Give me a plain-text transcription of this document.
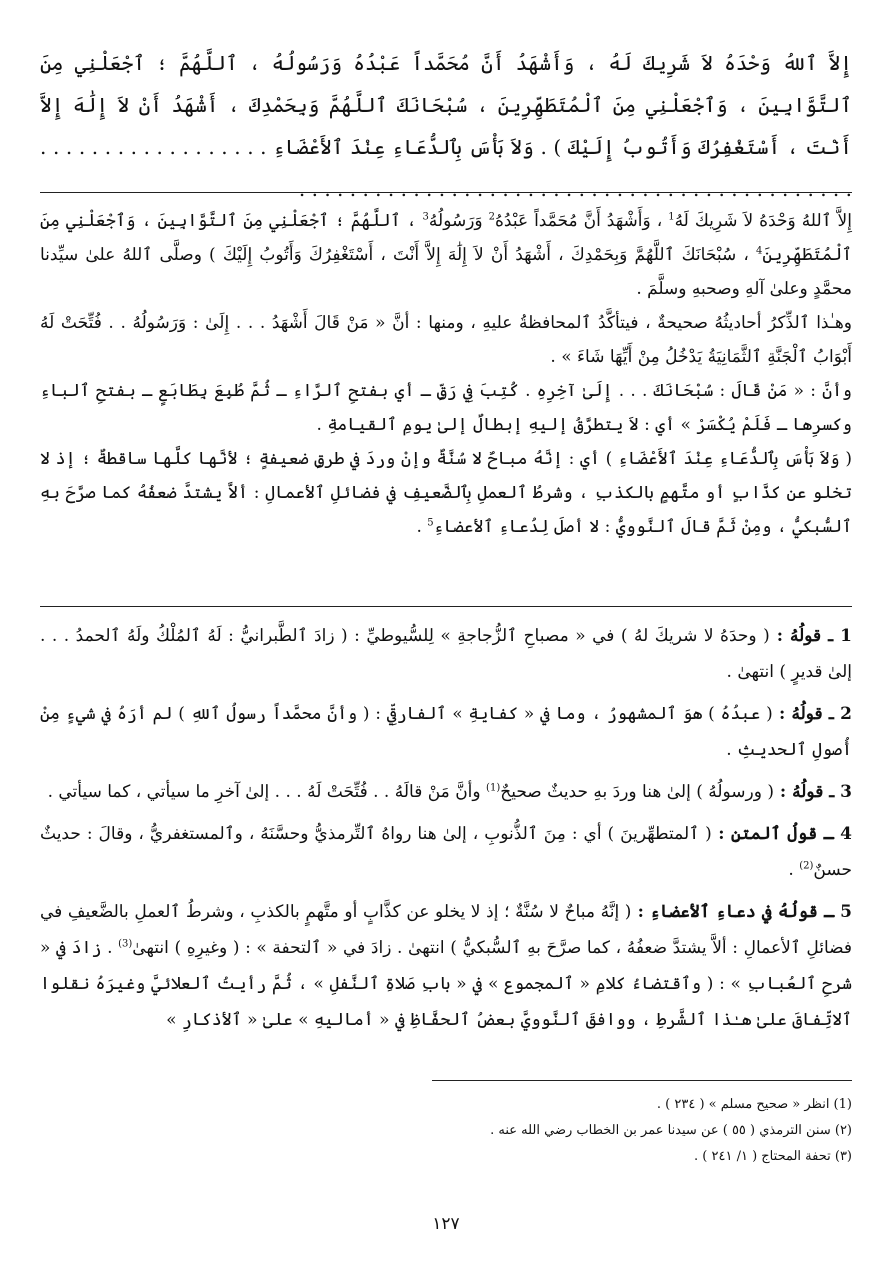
إِلاَّ ٱللهُ وَحْدَهُ لاَ شَرِيكَ لَهُ ، وَأَشْهَدُ أَنَّ مُحَمَّداً عَبْدُهُ وَرَسُولُهُ ، ٱللَّهُمَّ ؛ ٱجْعَلْنِي مِنَ ٱلتَّوَّابِينَ ، وَٱجْعَلْنِي مِنَ ٱلْمُتَطَهِّرِينَ ، سُبْحَانَكَ ٱللَّهُمَّ وَبِحَمْدِكَ ، أَشْهَدُ أَنْ لاَ إِلَٰهَ إِلاَّ أَنْتَ ، أَسْتَغْفِرُكَ وَأَتُوبُ إِلَيْكَ ) . وَلاَ بَأْسَ بِٱلدُّعَاءِ عِنْدَ ٱلأَعْضَاءِ . . . . . . . . . . . . . . . . . . . . . . . . . . . . . . . . . . . . . . . . . . . . . . . . . . . . . . . . . . . . . .

إِلاَّ ٱللهُ وَحْدَهُ لاَ شَرِيكَ لَهُ$^1$ ، وَأَشْهَدُ أَنَّ مُحَمَّداً عَبْدُهُ$^2$ وَرَسُولُهُ$^3$ ، ٱللَّهُمَّ ؛ ٱجْعَلْنِي مِنَ ٱلتَّوَّابِينَ ، وَٱجْعَلْنِي مِنَ ٱلْمُتَطَهِّرِينَ$^4$ ، سُبْحَانَكَ ٱللَّهُمَّ وَبِحَمْدِكَ ، أَشْهَدُ أَنْ لاَ إِلَٰهَ إِلاَّ أَنْتَ ، أَسْتَغْفِرُكَ وَأَتُوبُ إِلَيْكَ ) وصلَّى ٱللهُ علىٰ سيِّدنا محمَّدٍ وعلىٰ آلهِ وصحبهِ وسلَّمَ .

وهـٰذا ٱلذِّكرُ أحاديثُهُ صحيحةٌ ، فيتأكَّدُ ٱلمحافظةُ عليهِ ، ومنها : أنَّ « مَنْ قَالَ أَشْهَدُ . . . إِلَىٰ : وَرَسُولُهُ . . فُتِّحَتْ لَهُ أَبْوَابُ ٱلْجَنَّةِ ٱلثَّمَانِيَةُ يَدْخُلُ مِنْ أَيِّهَا شَاءَ » .

وأنَّ : « مَنْ قَالَ : سُبْحَانَكَ . . . إِلَىٰ آخِرِهِ . كُتِبَ فِي رَقٍّ ـ أي بفتحِ ٱلرَّاءِ ـ ثُمَّ طُبِعَ بِطَابَعٍ ـ بفتحِ ٱلباءِ وكسرِها ـ فَلَمْ يُكْسَرْ » أي : لاَ يتطرَّقُ إليهِ إبطالٌ إلىٰ يومِ ٱلقيامةِ .

( وَلاَ بَأْسَ بِٱلدُّعَاءِ عِنْدَ ٱلأَعْضَاءِ ) أي : إنَّهُ مباحٌ لا سُنَّةٌ وإنْ وردَ في طرقٍ ضعيفةٍ ؛ لأنَّها كلَّها ساقطةٌ ؛ إذ لا تخلو عن كذَّابٍ أو متَّهمٍ بالكذبِ ، وشرطُ ٱلعملِ بِٱلضَّعيفِ في فضائلِ ٱلأعمالِ : ألاَّ يشتدَّ ضعفُهُ كما صرَّحَ بهِ ٱلسُّبكيُّ ، ومِنْ ثَمَّ قالَ ٱلنَّوويُّ : لا أصلَ لِدُعاءِ ٱلأعضاءِ$^5$ .

1 ـ قولُهُ : ( وحدَهُ لا شريكَ لهُ ) في « مصباحِ ٱلزُّجاجةِ » لِلسُّيوطيِّ : ( زادَ ٱلطَّبرانيُّ : لَهُ ٱلمُلْكُ ولَهُ ٱلحمدُ . . . إلىٰ قديرٍ ) انتهىٰ .

2 ـ قولُهُ : ( عبدُهُ ) هوَ ٱلمشهورُ ، وما في « كفايةِ » ٱلفارقيِّ : ( وأنَّ محمَّداً رسولُ ٱللهِ ) لم أرَهُ في شيءٍ مِنْ أُصولِ ٱلحديثِ .

3 ـ قولُهُ : ( ورسولُهُ ) إلىٰ هنا وردَ بهِ حديثٌ صحيحٌ$^{(1)}$ وأنَّ مَنْ قالَهُ . . فُتِّحَتْ لَهُ . . . إلىٰ آخرِ ما سيأتي ، كما سيأتي .

4 ـ قولُ ٱلمتنِ : ( ٱلمتطهِّرينَ ) أي : مِنَ ٱلذُّنوبِ ، إلىٰ هنا رواهُ ٱلتِّرمذيُّ وحسَّنَهُ ، وٱلمستغفريُّ ، وقالَ : حديثٌ حسنٌ$^{(2)}$ .

5 ـ قولُهُ في دعاءِ ٱلأعضاءِ : ( إنَّهُ مباحٌ لا سُنَّةٌ ؛ إذ لا يخلو عن كذَّابٍ أو متَّهمٍ بالكذبِ ، وشرطُ ٱلعملِ بالضَّعيفِ في فضائلِ ٱلأعمالِ : ألاَّ يشتدَّ ضعفُهُ ، كما صرَّحَ بهِ ٱلسُّبكيُّ ) انتهىٰ . زادَ في « ٱلتحفة » : ( وغيرِهِ ) انتهىٰ$^{(3)}$ . زادَ في « شرحِ ٱلعُبابِ » : ( وٱقتضاءُ كلامِ « ٱلمجموع » في « بابِ صَلاةِ ٱلنَّفلِ » ، ثُمَّ رأيتُ ٱلعلائيَّ وغيرَهُ نقلوا ٱلاتِّفاقَ علىٰ هـٰذا ٱلشَّرطِ ، ووافقَ ٱلنَّوويَّ بعضُ ٱلحفَّاظِ في « أماليهِ » علىٰ « ٱلأذكارِ »

(1) انظر « صحيح مسلم » ( ٢٣٤ ) .

(٢) سنن الترمذي ( ٥٥ ) عن سيدنا عمر بن الخطاب رضي الله عنه .

(٣) تحفة المحتاج ( ١/ ٢٤١ ) .

١٢٧
